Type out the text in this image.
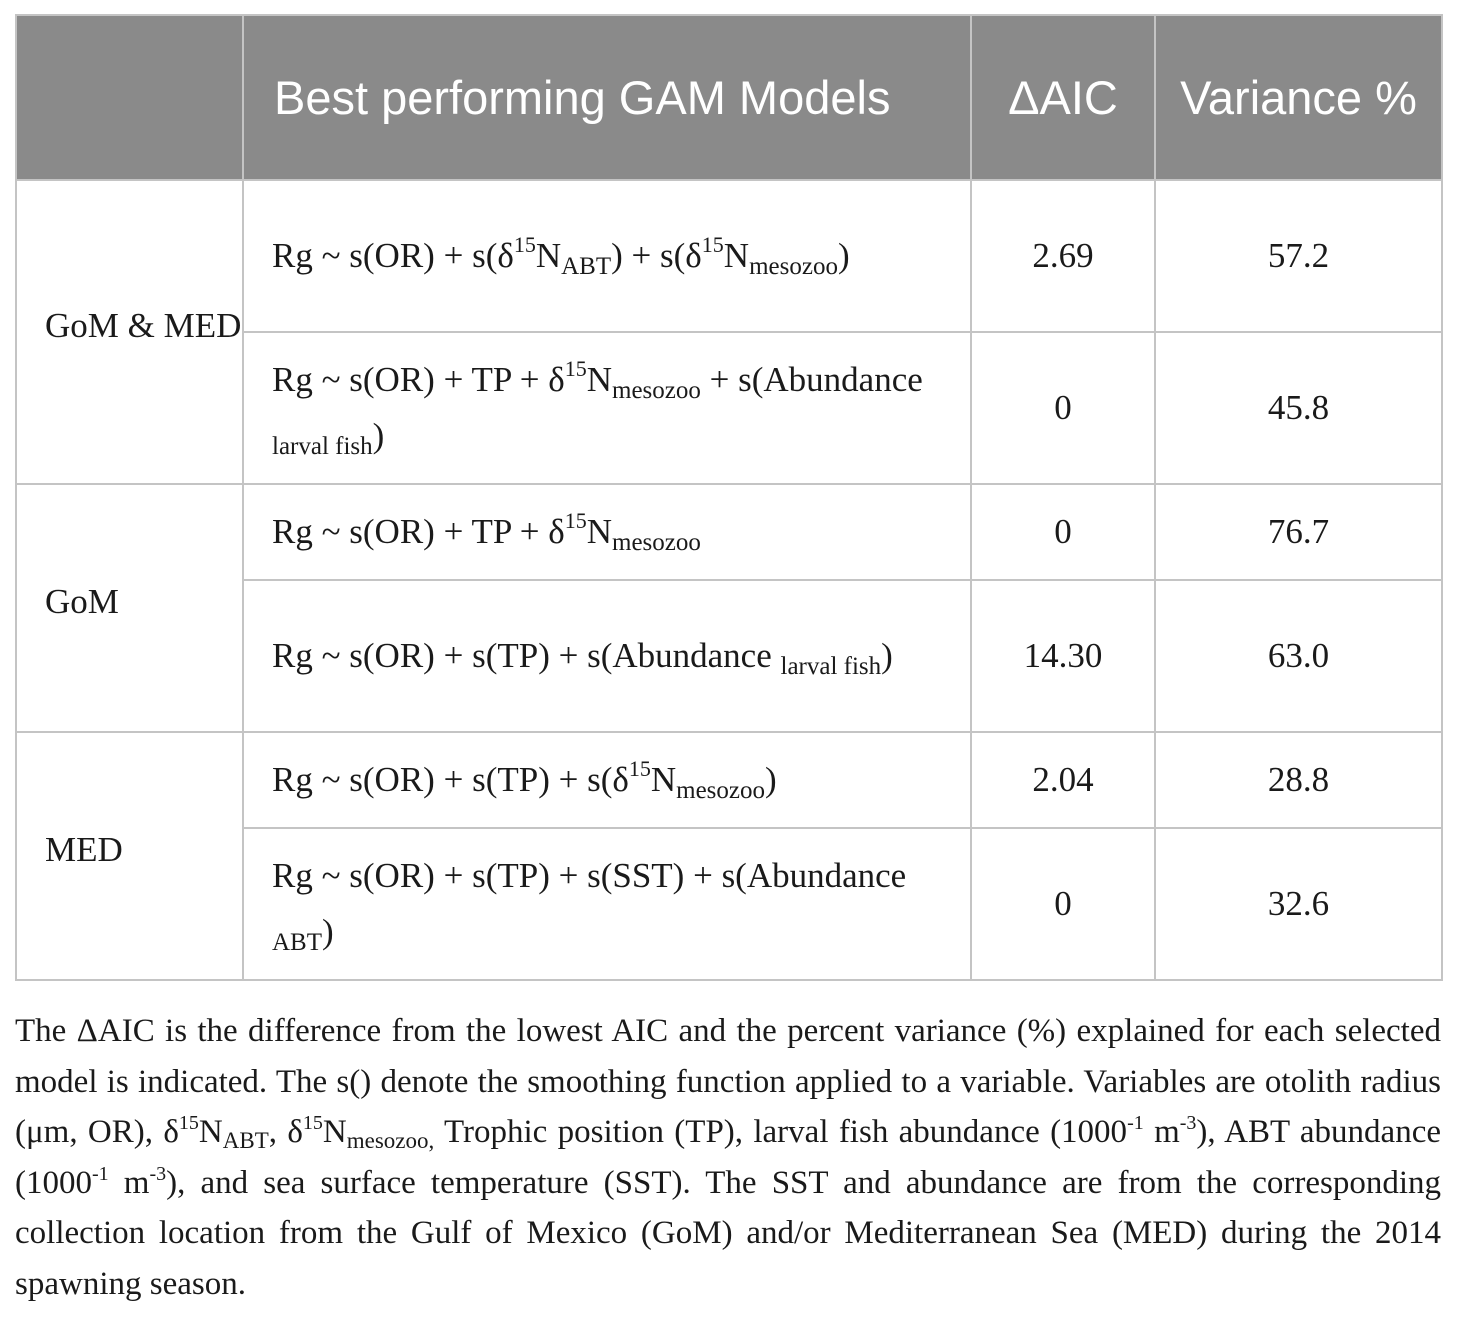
	Best performing GAM Models	ΔAIC	Variance %
GoM & MED	Rg ~ $s(OR) + s(\delta^{15}N_{ABT}) + s(\delta^{15}N_{mesozoo})$	2.69	57.2
	Rg ~ s(OR) + TP + $\delta^{15}N_{mesozoo}$ + s(Abundance $_{larval fish}$)	0	45.8
GoM	Rg ~ s(OR) + TP + $\delta^{15}N_{mesozoo}$	0	76.7
	Rg ~ s(OR) + s(TP) + s(Abundance $_{larval fish}$)	14.30	63.0
MED	Rg ~ $s(OR) + s(TP) + s(\delta^{15}N_{mesozoo})$	2.04	28.8
	Rg ~ s(OR) + s(TP) + s(SST) + s(Abundance $_{ABT}$)	0	32.6

The ΔAIC is the difference from the lowest AIC and the percent variance (%) explained for each selected model is indicated. The s() denote the smoothing function applied to a variable. Variables are otolith radius (μm, OR), $\delta^{15}N_{ABT}$, $\delta^{15}N_{mesozoo,}$ Trophic position (TP), larval fish abundance ($1000^{-1}$ $m^{-3}$), ABT abundance ($1000^{-1}$ $m^{-3}$), and sea surface temperature (SST). The SST and abundance are from the corresponding collection location from the Gulf of Mexico (GoM) and/or Mediterranean Sea (MED) during the 2014 spawning season.
